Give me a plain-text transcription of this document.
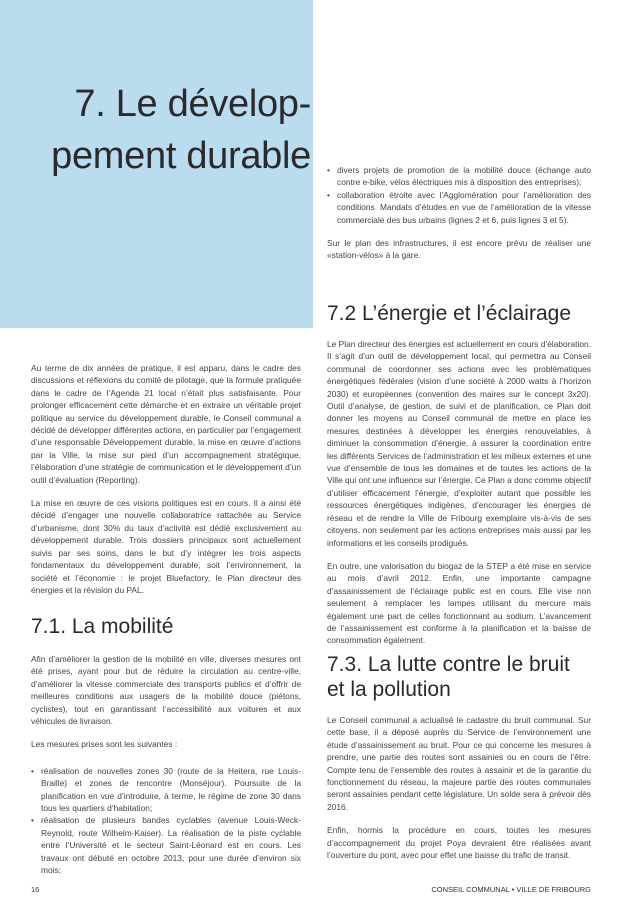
7. Le dévelop-
pement durable

Au terme de dix années de pratique, il est apparu, dans le cadre des discussions et réflexions du comité de pilotage, que la formule pratiquée dans le cadre de l’Agenda 21 local n’était plus satisfaisante. Pour prolonger efficacement cette démarche et en extraire un véritable projet politique au service du développement durable, le Conseil communal a décidé de développer différentes actions, en particulier par l’engagement d’une responsable Développement durable, la mise en œuvre d’actions par la Ville, la mise sur pied d’un accompagnement stratégique, l’élaboration d’une stratégie de communication et le développement d’un outil d’évaluation (Reporting).

La mise en œuvre de ces visions politiques est en cours. Il a ainsi été décidé d’engager une nouvelle collaboratrice rattachée au Service d’urbanisme, dont 30% du taux d’activité est dédié exclusivement au développement durable. Trois dossiers principaux sont actuellement suivis par ses soins, dans le but d’y intégrer les trois aspects fondamentaux du développement durable, soit l’environnement, la société et l’économie : le projet Bluefactory, le Plan directeur des énergies et la révision du PAL.

7.1. La mobilité

Afin d’améliorer la gestion de la mobilité en ville, diverses mesures ont été prises, ayant pour but de réduire la circulation au centre-ville, d’améliorer la vitesse commerciale des transports publics et d’offrir de meilleures conditions aux usagers de la mobilité douce (piétons, cyclistes), tout en garantissant l’accessibilité aux voitures et aux véhicules de livraison.

Les mesures prises sont les suivantes :

• réalisation de nouvelles zones 30 (route de la Heitera, rue Louis-Braille) et zones de rencontre (Monséjour). Poursuite de la planification en vue d’introduire, à terme, le régime de zone 30 dans tous les quartiers d’habitation;
• réalisation de plusieurs bandes cyclables (avenue Louis-Weck-Reynold, route Wilhelm-Kaiser). La réalisation de la piste cyclable entre l’Université et le secteur Saint-Léonard est en cours. Les travaux ont débuté en octobre 2013, pour une durée d’environ six mois;
• divers projets de promotion de la mobilité douce (échange auto contre e-bike, vélos électriques mis à disposition des entreprises);
• collaboration étroite avec l’Agglomération pour l’amélioration des conditions. Mandats d’études en vue de l’amélioration de la vitesse commerciale des bus urbains (lignes 2 et 6, puis lignes 3 et 5).

Sur le plan des infrastructures, il est encore prévu de réaliser une «station-vélos» à la gare.

7.2 L’énergie et l’éclairage

Le Plan directeur des énergies est actuellement en cours d’élaboration. Il s’agit d’un outil de développement local, qui permettra au Conseil communal de coordonner ses actions avec les problématiques énergétiques fédérales (vision d’une société à 2000 watts à l’horizon 2030) et européennes (convention des maires sur le concept 3x20). Outil d’analyse, de gestion, de suivi et de planification, ce Plan doit donner les moyens au Conseil communal de mettre en place les mesures destinées à développer les énergies renouvelables, à diminuer la consommation d’énergie, à assurer la coordination entre les différents Services de l’administration et les milieux externes et une vue d’ensemble de tous les domaines et de toutes les actions de la Ville qui ont une influence sur l’énergie. Ce Plan a donc comme objectif d’utiliser efficacement l’énergie, d’exploiter autant que possible les ressources énergétiques indigènes, d’encourager les énergies de réseau et de rendre la Ville de Fribourg exemplaire vis-à-vis de ses citoyens, non seulement par les actions entreprises mais aussi par les informations et les conseils prodigués.

En outre, une valorisation du biogaz de la STEP a été mise en service au mois d’avril 2012. Enfin, une importante campagne d’assainissement de l’éclairage public est en cours. Elle vise non seulement à remplacer les lampes utilisant du mercure mais également une part de celles fonctionnant au sodium. L’avancement de l’assainissement est conforme à la planification et la baisse de consommation également.

7.3. La lutte contre le bruit et la pollution

Le Conseil communal a actualisé le cadastre du bruit communal. Sur cette base, il a déposé auprès du Service de l’environnement une étude d’assainissement au bruit. Pour ce qui concerne les mesures à prendre, une partie des routes sont assainies ou en cours de l’être. Compte tenu de l’ensemble des routes à assainir et de la garantie du fonctionnement du réseau, la majeure partie des routes communales seront assainies pendant cette législature. Un solde sera à prévoir dès 2016.

Enfin, hormis la procédure en cours, toutes les mesures d’accompagnement du projet Poya devraient être réalisées avant l’ouverture du pont, avec pour effet une baisse du trafic de transit.

16	CONSEIL COMMUNAL • VILLE DE FRIBOURG
